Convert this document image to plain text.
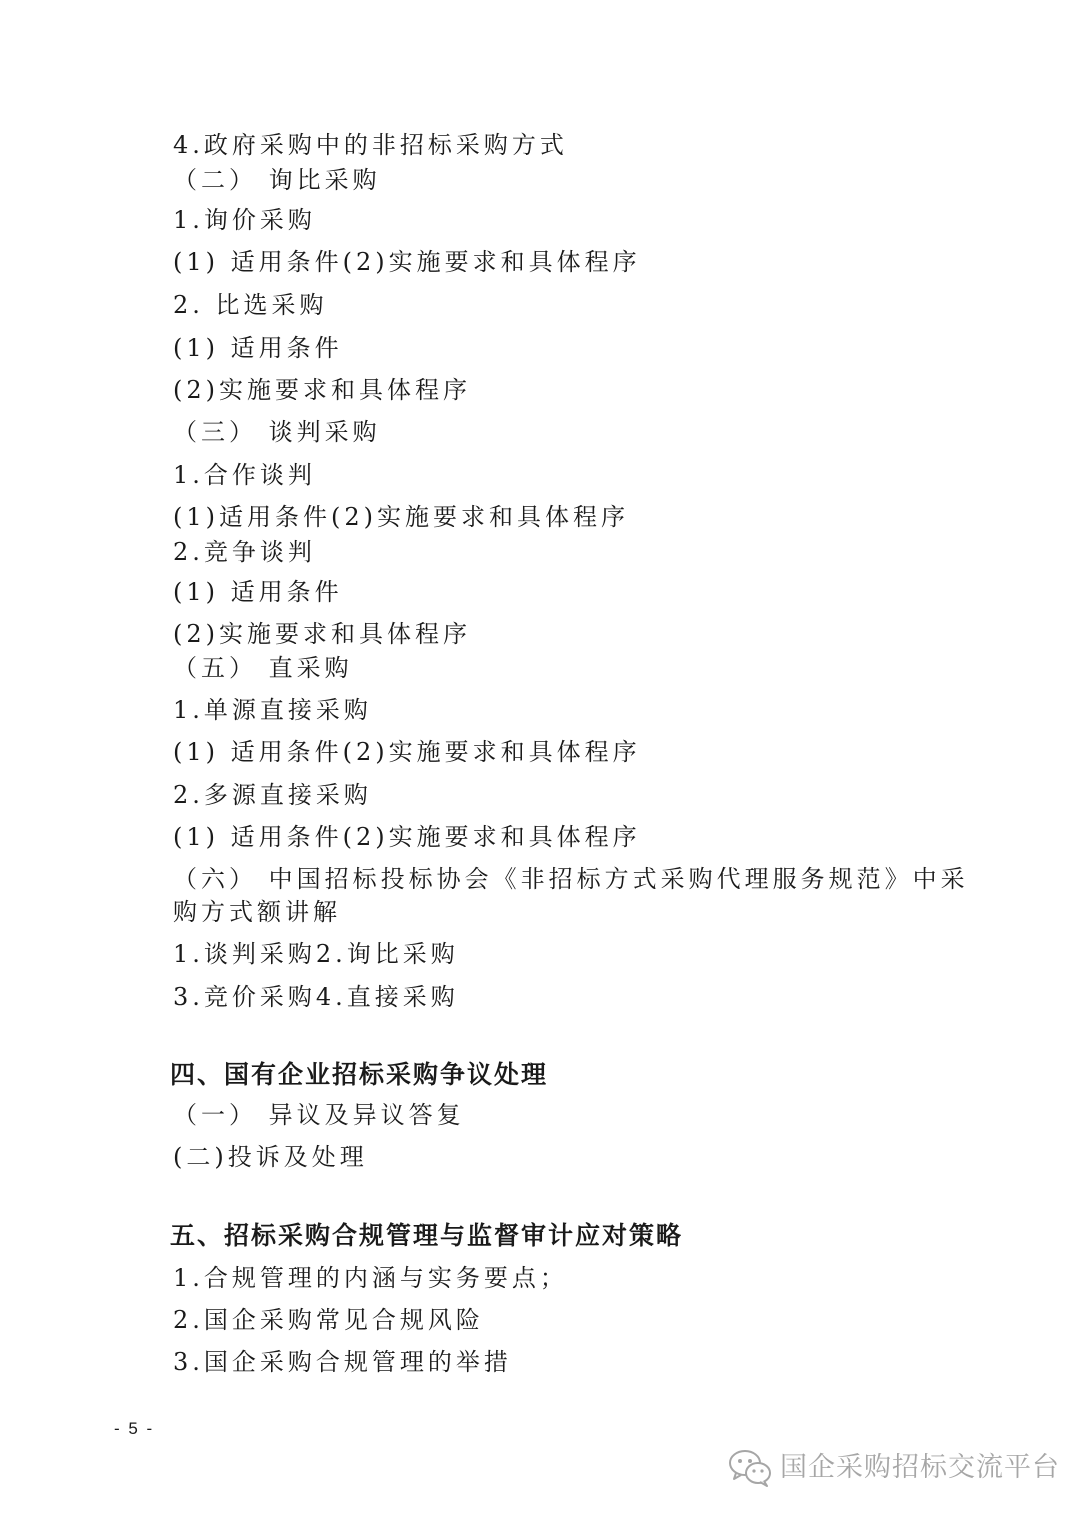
4.政府采购中的非招标采购方式
（二） 询比采购
1.询价采购
(1) 适用条件(2)实施要求和具体程序
2. 比选采购
(1) 适用条件
(2)实施要求和具体程序
（三） 谈判采购
1.合作谈判
(1)适用条件(2)实施要求和具体程序
2.竞争谈判
(1) 适用条件
(2)实施要求和具体程序
（五） 直采购
1.单源直接采购
(1) 适用条件(2)实施要求和具体程序
2.多源直接采购
(1) 适用条件(2)实施要求和具体程序
（六） 中国招标投标协会《非招标方式采购代理服务规范》中采
购方式额讲解
1.谈判采购2.询比采购
3.竞价采购4.直接采购
四、国有企业招标采购争议处理
（一） 异议及异议答复
(二)投诉及处理
五、招标采购合规管理与监督审计应对策略
1.合规管理的内涵与实务要点；
2.国企采购常见合规风险
3.国企采购合规管理的举措
- 5 -
国企采购招标交流平台
